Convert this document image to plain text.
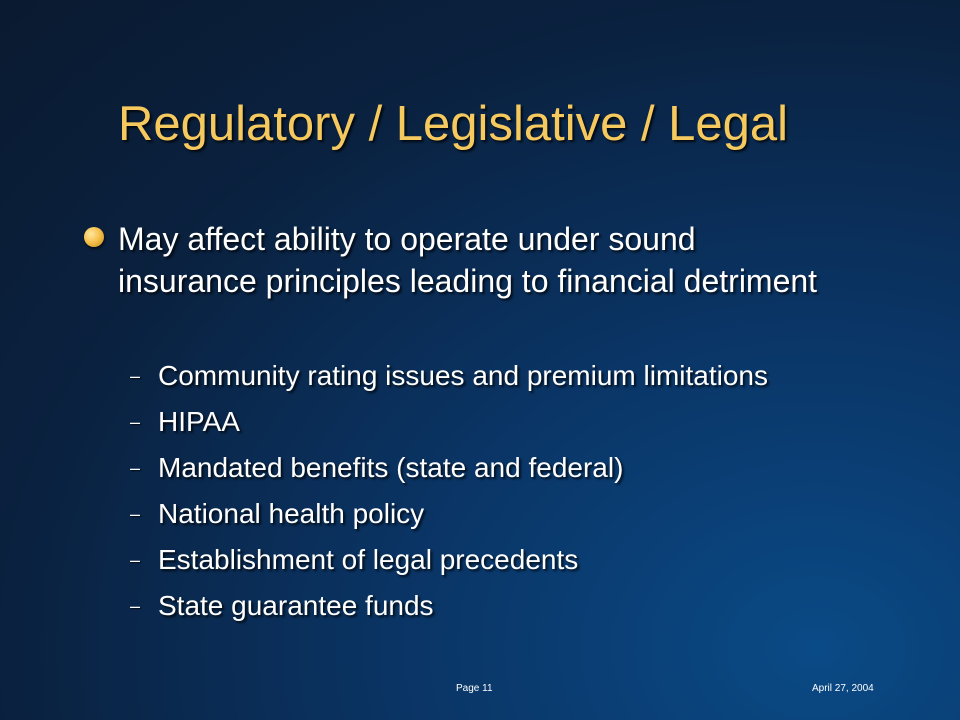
Regulatory / Legislative / Legal
May affect ability to operate under sound insurance principles leading to financial detriment
– Community rating issues and premium limitations
– HIPAA
– Mandated benefits (state and federal)
– National health policy
– Establishment of legal precedents
– State guarantee funds
Page 11	April 27, 2004
